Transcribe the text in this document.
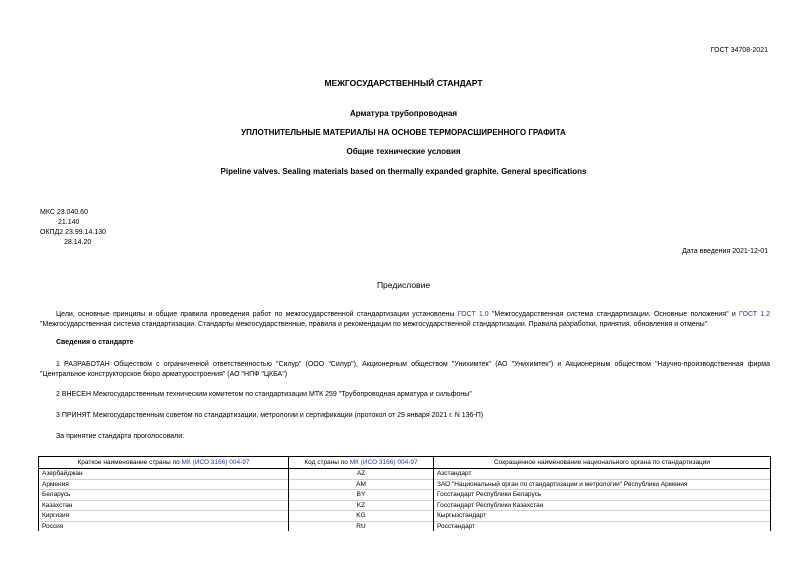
ГОСТ 34708-2021
МЕЖГОСУДАРСТВЕННЫЙ СТАНДАРТ
Арматура трубопроводная
УПЛОТНИТЕЛЬНЫЕ МАТЕРИАЛЫ НА ОСНОВЕ ТЕРМОРАСШИРЕННОГО ГРАФИТА
Общие технические условия
Pipeline valves. Sealing materials based on thermally expanded graphite. General specifications
МКС 23.040.60
21.140
ОКПД2 23.99.14.130
28.14.20
Дата введения 2021-12-01
Предисловие
Цели, основные принципы и общие правила проведения работ по межгосударственной стандартизации установлены ГОСТ 1.0 "Межгосударственная система стандартизации. Основные положения" и ГОСТ 1.2 "Межгосударственная система стандартизации. Стандарты межгосударственные, правила и рекомендации по межгосударственной стандартизации. Правила разработки, принятия, обновления и отмены"
Сведения о стандарте
1 РАЗРАБОТАН Обществом с ограниченной ответственностью "Силур" (ООО "Силур"), Акционерным обществом "Унихимтек" (АО "Унихимтек") и Акционерным обществом "Научно-производственная фирма "Центральное конструкторское бюро арматуростроения" (АО "НПФ "ЦКБА")
2 ВНЕСЕН Межгосударственным техническим комитетом по стандартизации МТК 259 "Трубопроводная арматура и сильфоны"
3 ПРИНЯТ Межгосударственным советом по стандартизации, метрологии и сертификации (протокол от 29 января 2021 г. N 136-П)
За принятие стандарта проголосовали:
Краткое наименование страны по МК (ИСО 3166) 004-97	Код страны по МК (ИСО 3166) 004-97	Сокращенное наименование национального органа по стандартизации
Азербайджан	AZ	Азстандарт
Армения	AM	ЗАО "Национальный орган по стандартизации и метрологии" Республики Армения
Беларусь	BY	Госстандарт Республики Беларусь
Казахстан	KZ	Госстандарт Республики Казахстан
Киргизия	KG	Кыргызстандарт
Россия	RU	Росстандарт
